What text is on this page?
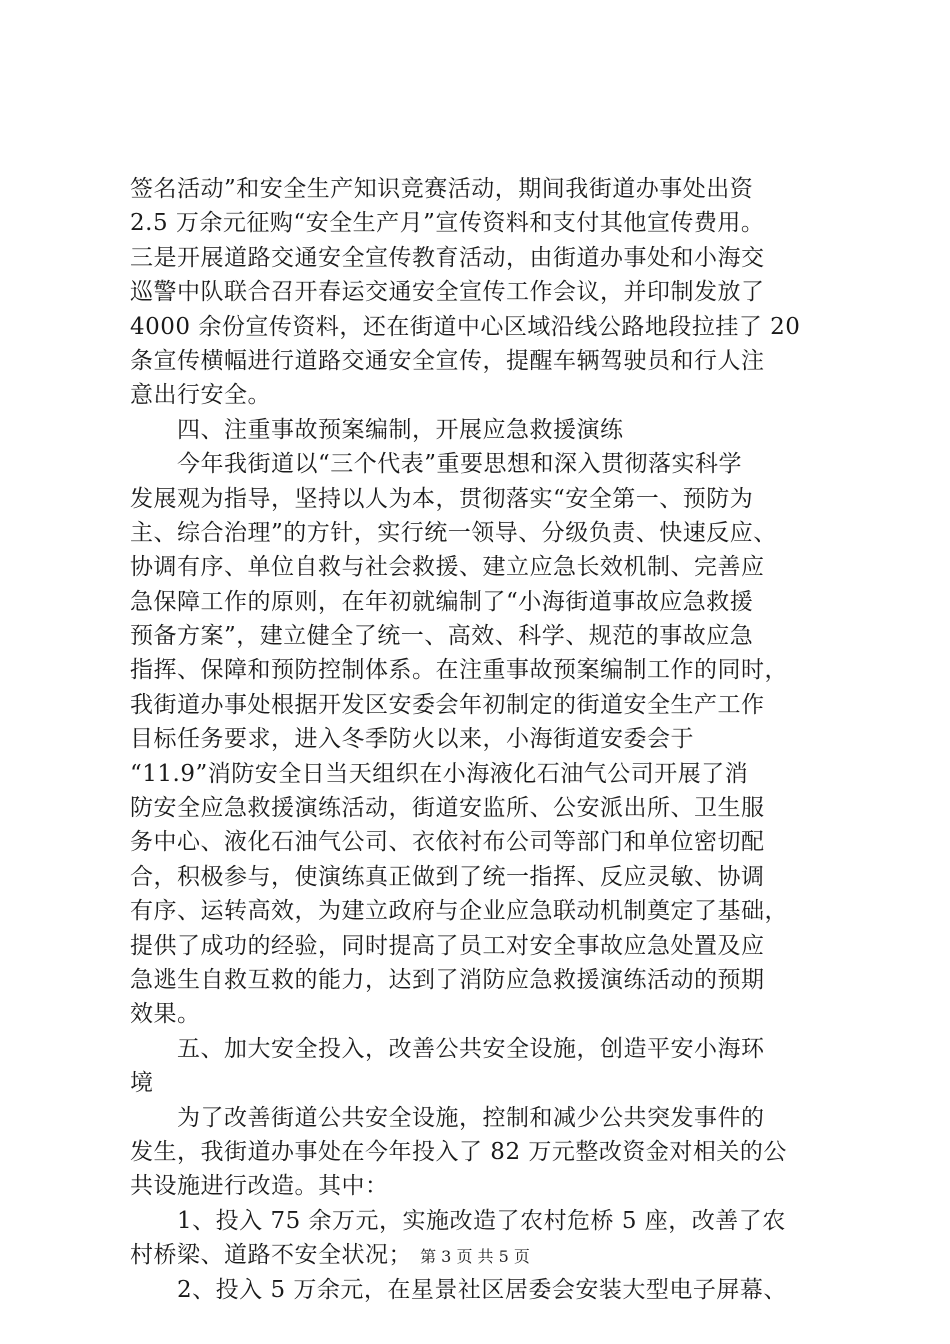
签名活动”和安全生产知识竞赛活动，期间我街道办事处出资
2.5 万余元征购“安全生产月”宣传资料和支付其他宣传费用。
三是开展道路交通安全宣传教育活动，由街道办事处和小海交
巡警中队联合召开春运交通安全宣传工作会议，并印制发放了
4000 余份宣传资料，还在街道中心区域沿线公路地段拉挂了 20
条宣传横幅进行道路交通安全宣传，提醒车辆驾驶员和行人注
意出行安全。
　　四、注重事故预案编制，开展应急救援演练
　　今年我街道以“三个代表”重要思想和深入贯彻落实科学
发展观为指导，坚持以人为本，贯彻落实“安全第一、预防为
主、综合治理”的方针，实行统一领导、分级负责、快速反应、
协调有序、单位自救与社会救援、建立应急长效机制、完善应
急保障工作的原则，在年初就编制了“小海街道事故应急救援
预备方案”，建立健全了统一、高效、科学、规范的事故应急
指挥、保障和预防控制体系。在注重事故预案编制工作的同时，
我街道办事处根据开发区安委会年初制定的街道安全生产工作
目标任务要求，进入冬季防火以来，小海街道安委会于
“11.9”消防安全日当天组织在小海液化石油气公司开展了消
防安全应急救援演练活动，街道安监所、公安派出所、卫生服
务中心、液化石油气公司、衣依衬布公司等部门和单位密切配
合，积极参与，使演练真正做到了统一指挥、反应灵敏、协调
有序、运转高效，为建立政府与企业应急联动机制奠定了基础，
提供了成功的经验，同时提高了员工对安全事故应急处置及应
急逃生自救互救的能力，达到了消防应急救援演练活动的预期
效果。
　　五、加大安全投入，改善公共安全设施，创造平安小海环
境
　　为了改善街道公共安全设施，控制和减少公共突发事件的
发生，我街道办事处在今年投入了 82 万元整改资金对相关的公
共设施进行改造。其中：
　　1、投入 75 余万元，实施改造了农村危桥 5 座，改善了农
村桥梁、道路不安全状况；
　　2、投入 5 万余元，在星景社区居委会安装大型电子屏幕、
第 3 页 共 5 页
